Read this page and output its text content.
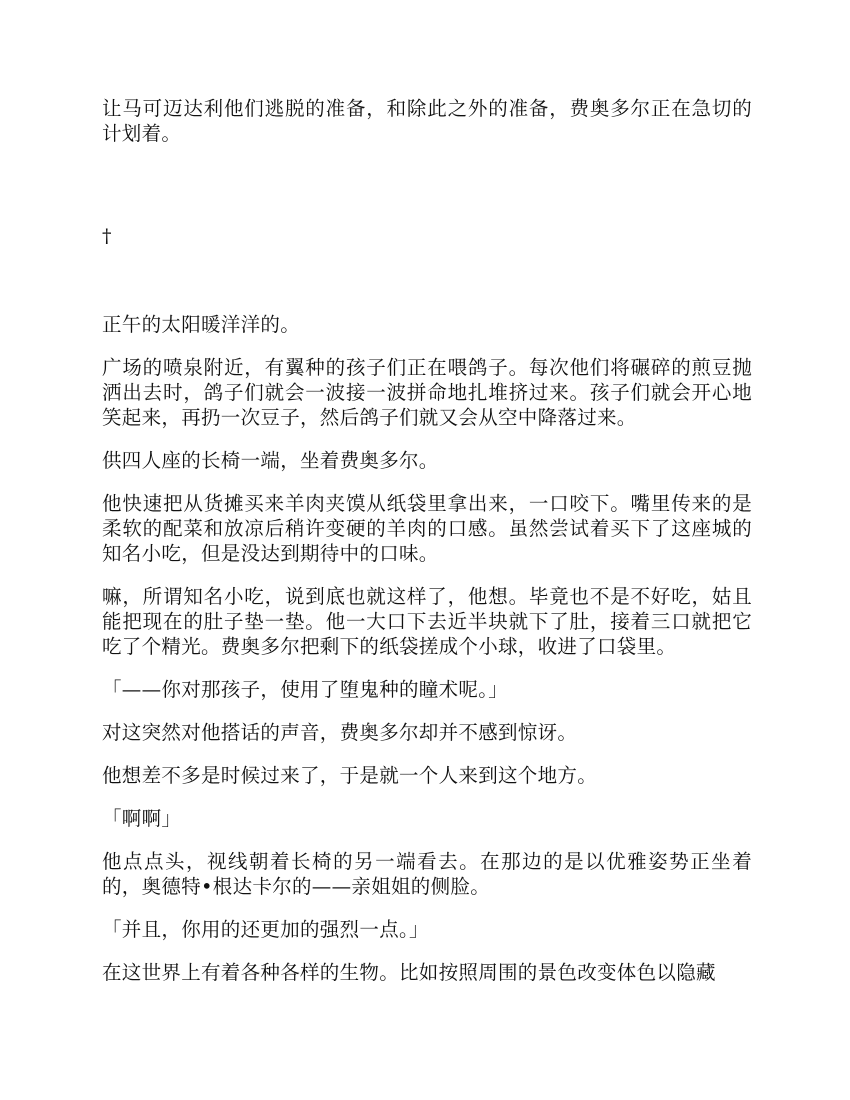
让马可迈达利他们逃脱的准备，和除此之外的准备，费奥多尔正在急切的计划着。

†

正午的太阳暖洋洋的。

广场的喷泉附近，有翼种的孩子们正在喂鸽子。每次他们将碾碎的煎豆抛洒出去时，鸽子们就会一波接一波拼命地扎堆挤过来。孩子们就会开心地笑起来，再扔一次豆子，然后鸽子们就又会从空中降落过来。

供四人座的长椅一端，坐着费奥多尔。

他快速把从货摊买来羊肉夹馍从纸袋里拿出来，一口咬下。嘴里传来的是柔软的配菜和放凉后稍许变硬的羊肉的口感。虽然尝试着买下了这座城的知名小吃，但是没达到期待中的口味。

嘛，所谓知名小吃，说到底也就这样了，他想。毕竟也不是不好吃，姑且能把现在的肚子垫一垫。他一大口下去近半块就下了肚，接着三口就把它吃了个精光。费奥多尔把剩下的纸袋搓成个小球，收进了口袋里。

「——你对那孩子，使用了堕鬼种的瞳术呢。」

对这突然对他搭话的声音，费奥多尔却并不感到惊讶。

他想差不多是时候过来了，于是就一个人来到这个地方。

「啊啊」

他点点头，视线朝着长椅的另一端看去。在那边的是以优雅姿势正坐着的，奥德特•根达卡尔的——亲姐姐的侧脸。

「并且，你用的还更加的强烈一点。」

在这世界上有着各种各样的生物。比如按照周围的景色改变体色以隐藏
